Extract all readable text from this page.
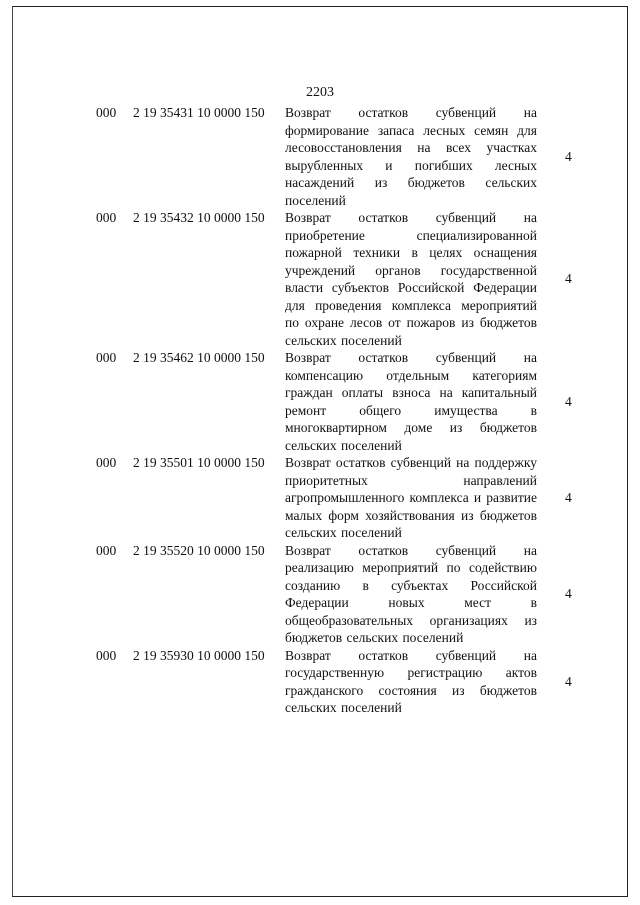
2203
000 2 19 35431 10 0000 150 Возврат остатков субвенций на формирование запаса лесных семян для лесовосстановления на всех участках вырубленных и погибших лесных насаждений из бюджетов сельских поселений
4
000 2 19 35432 10 0000 150 Возврат остатков субвенций на приобретение специализированной пожарной техники в целях оснащения учреждений органов государственной власти субъектов Российской Федерации для проведения комплекса мероприятий по охране лесов от пожаров из бюджетов сельских поселений
4
000 2 19 35462 10 0000 150 Возврат остатков субвенций на компенсацию отдельным категориям граждан оплаты взноса на капитальный ремонт общего имущества в многоквартирном доме из бюджетов сельских поселений
4
000 2 19 35501 10 0000 150 Возврат остатков субвенций на поддержку приоритетных направлений агропромышленного комплекса и развитие малых форм хозяйствования из бюджетов сельских поселений
4
000 2 19 35520 10 0000 150 Возврат остатков субвенций на реализацию мероприятий по содействию созданию в субъектах Российской Федерации новых мест в общеобразовательных организациях из бюджетов сельских поселений
4
000 2 19 35930 10 0000 150 Возврат остатков субвенций на государственную регистрацию актов гражданского состояния из бюджетов сельских поселений
4
